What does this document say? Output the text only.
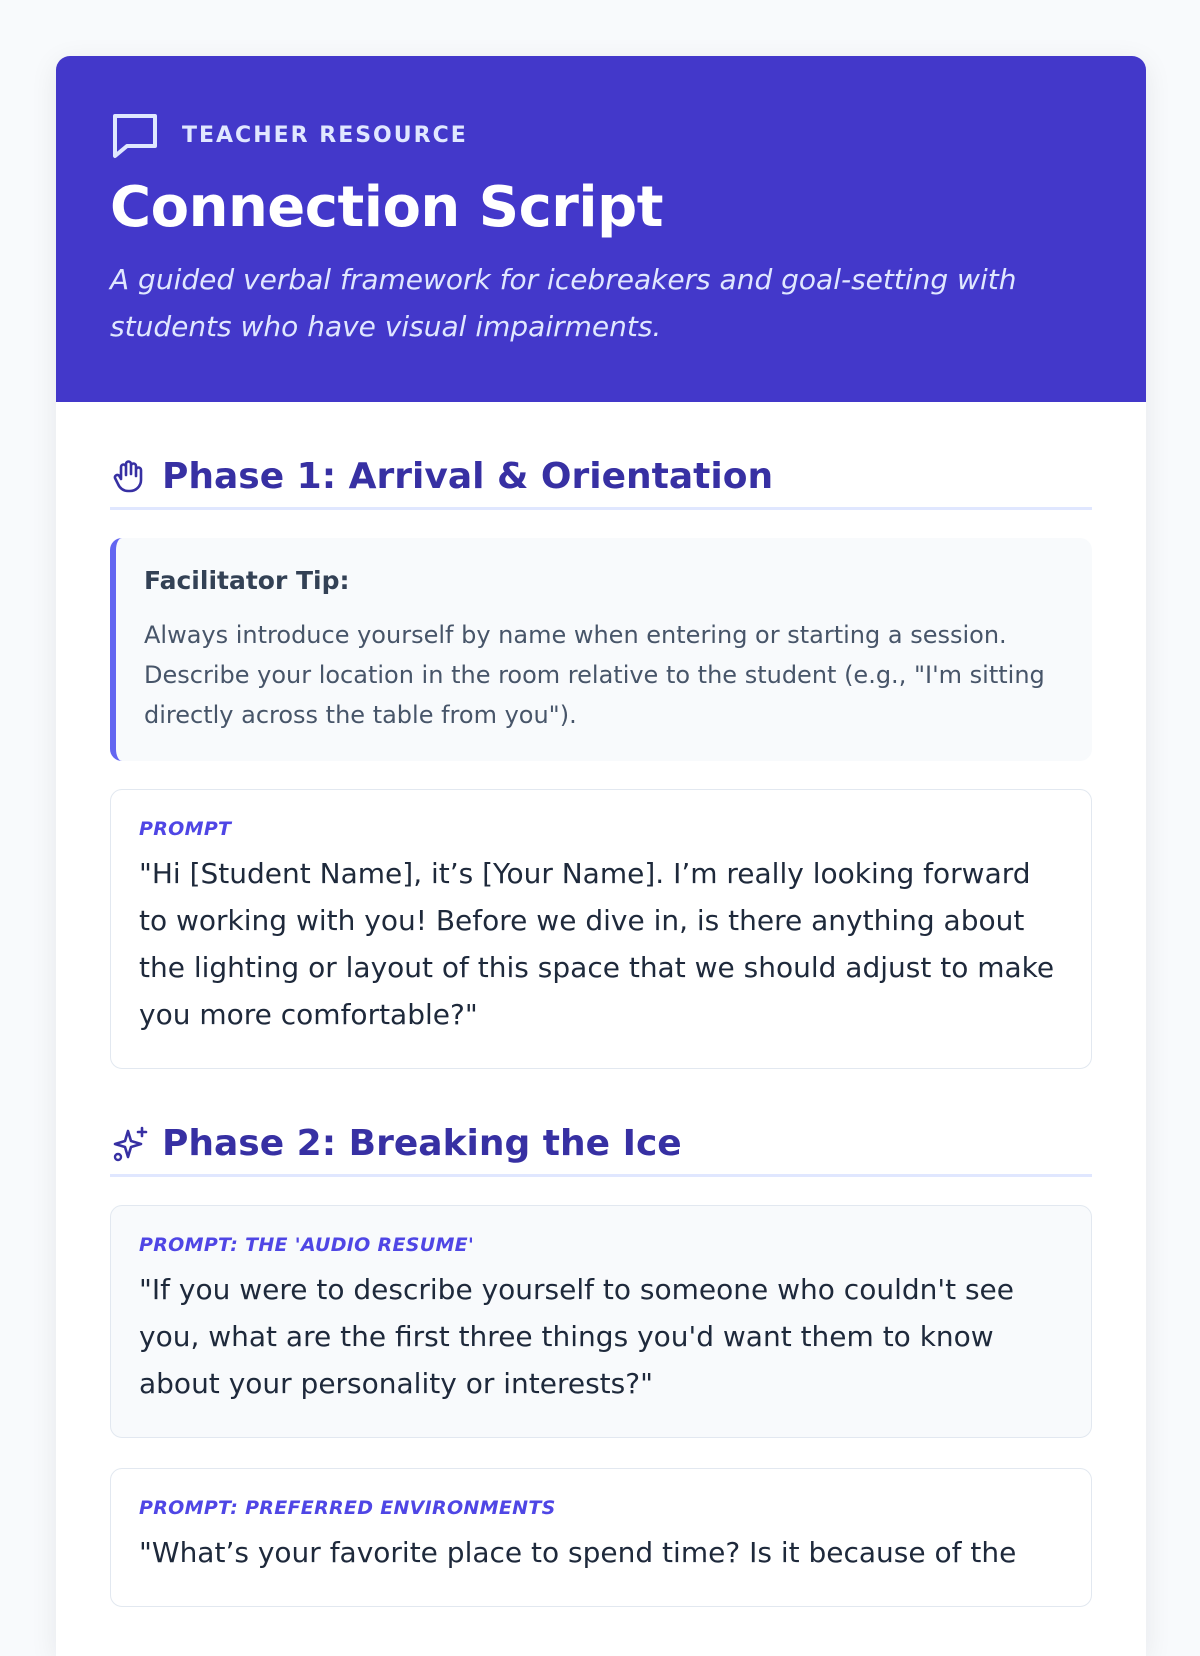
TEACHER RESOURCE
Connection Script
A guided verbal framework for icebreakers and goal-setting with students who have visual impairments.
Phase 1: Arrival & Orientation
Facilitator Tip:
Always introduce yourself by name when entering or starting a session. Describe your location in the room relative to the student (e.g., "I'm sitting directly across the table from you").
PROMPT
"Hi [Student Name], it’s [Your Name]. I’m really looking forward to working with you! Before we dive in, is there anything about the lighting or layout of this space that we should adjust to make you more comfortable?"
Phase 2: Breaking the Ice
PROMPT: THE 'AUDIO RESUME'
"If you were to describe yourself to someone who couldn't see you, what are the first three things you'd want them to know about your personality or interests?"
PROMPT: PREFERRED ENVIRONMENTS
"What’s your favorite place to spend time? Is it because of the
